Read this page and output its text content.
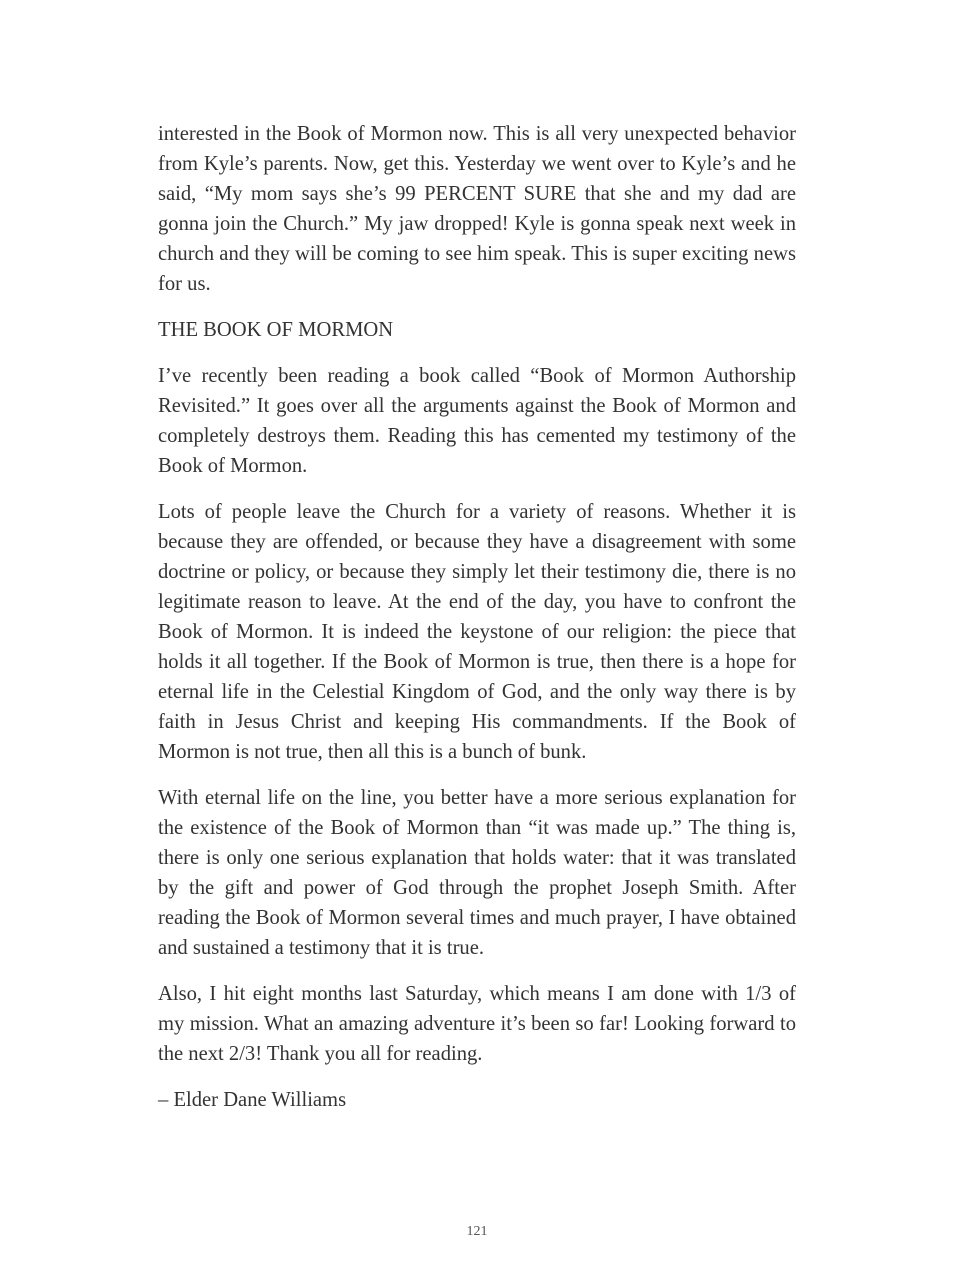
interested in the Book of Mormon now. This is all very unexpected behavior from Kyle’s parents. Now, get this. Yesterday we went over to Kyle’s and he said, “My mom says she’s 99 PERCENT SURE that she and my dad are gonna join the Church.” My jaw dropped! Kyle is gonna speak next week in church and they will be coming to see him speak. This is super exciting news for us.

THE BOOK OF MORMON

I’ve recently been reading a book called “Book of Mormon Authorship Revisited.” It goes over all the arguments against the Book of Mormon and completely destroys them. Reading this has cemented my testimony of the Book of Mormon.

Lots of people leave the Church for a variety of reasons. Whether it is because they are offended, or because they have a disagreement with some doctrine or policy, or because they simply let their testimony die, there is no legitimate reason to leave. At the end of the day, you have to confront the Book of Mormon. It is indeed the keystone of our religion: the piece that holds it all together. If the Book of Mormon is true, then there is a hope for eternal life in the Celestial Kingdom of God, and the only way there is by faith in Jesus Christ and keeping His commandments. If the Book of Mormon is not true, then all this is a bunch of bunk.

With eternal life on the line, you better have a more serious explanation for the existence of the Book of Mormon than “it was made up.” The thing is, there is only one serious explanation that holds water: that it was translated by the gift and power of God through the prophet Joseph Smith. After reading the Book of Mormon several times and much prayer, I have obtained and sustained a testimony that it is true.

Also, I hit eight months last Saturday, which means I am done with 1/3 of my mission. What an amazing adventure it’s been so far! Looking forward to the next 2/3! Thank you all for reading.

– Elder Dane Williams

121
